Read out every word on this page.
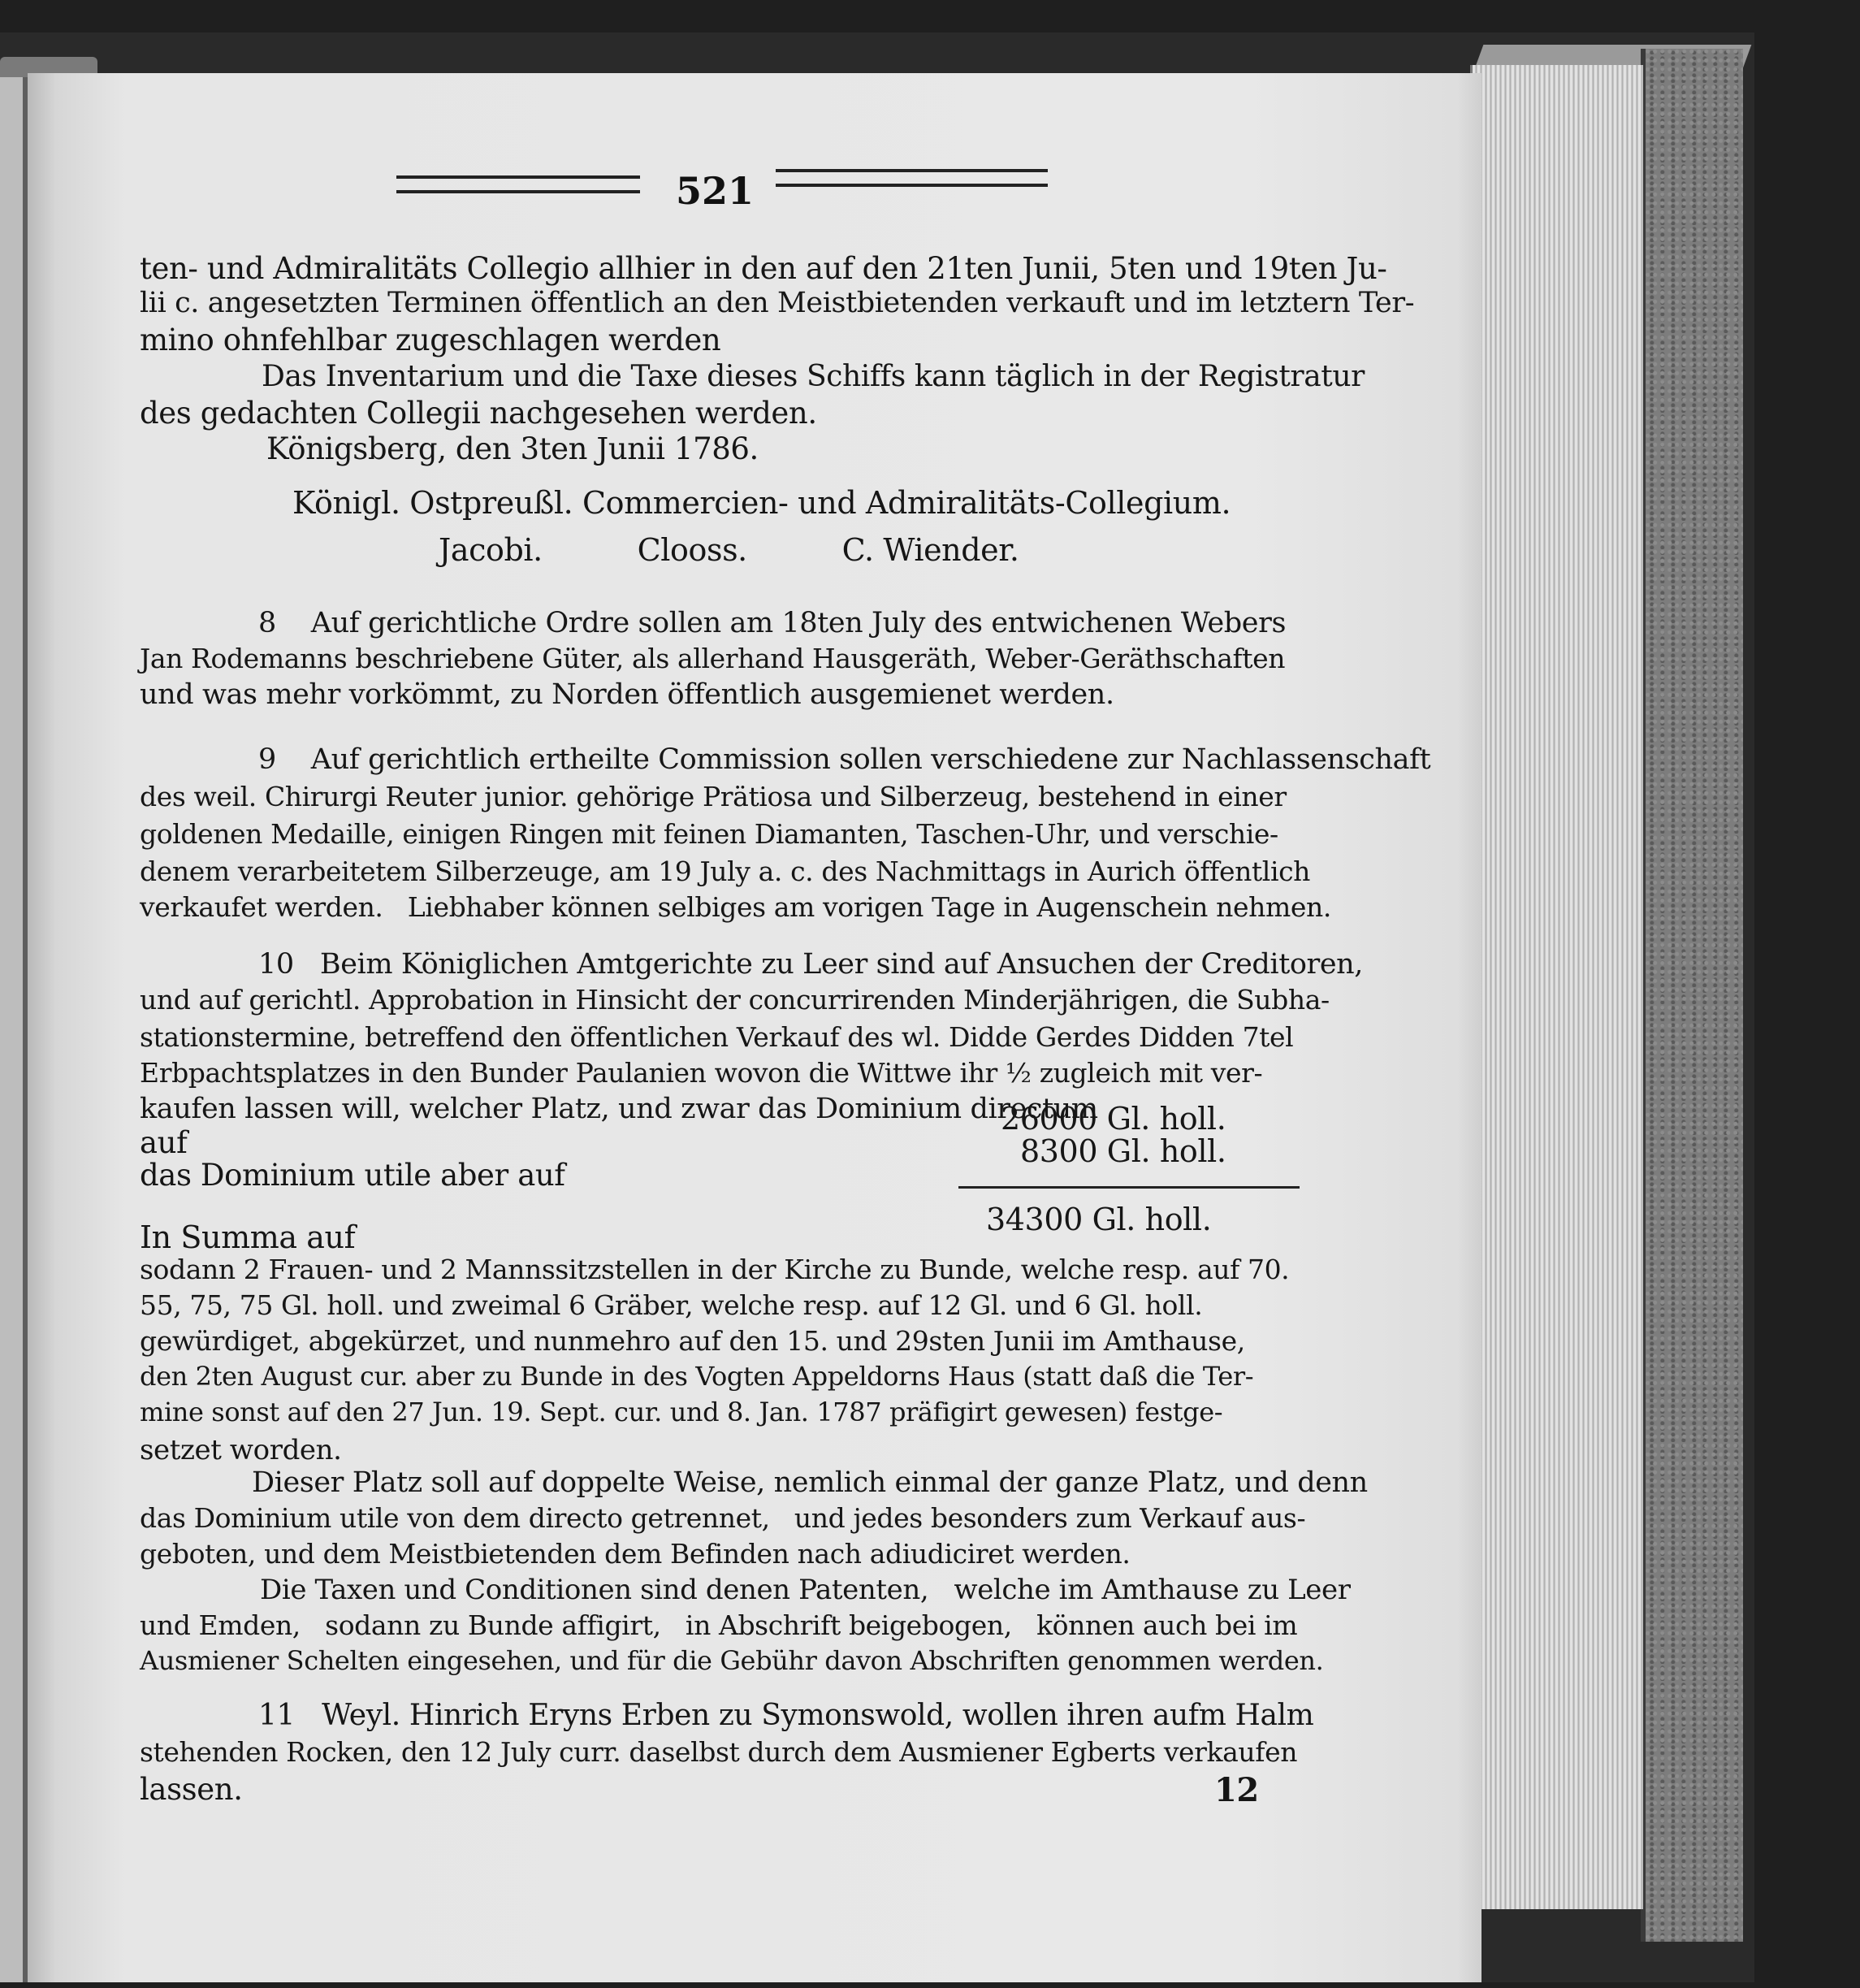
521
ten- und Admiralitäts Collegio allhier in den auf den 21ten Junii, 5ten und 19ten Ju-
lii c. angesetzten Terminen öffentlich an den Meistbietenden verkauft und im letztern Ter-
mino ohnfehlbar zugeschlagen werden
Das Inventarium und die Taxe dieses Schiffs kann täglich in der Registratur
des gedachten Collegii nachgesehen werden.
Königsberg, den 3ten Junii 1786.
Königl. Ostpreußl. Commercien- und Admiralitäts-Collegium.
Jacobi.          Clooss.          C. Wiender.
8    Auf gerichtliche Ordre sollen am 18ten July des entwichenen Webers
Jan Rodemanns beschriebene Güter, als allerhand Hausgeräth, Weber-Geräthschaften
und was mehr vorkömmt, zu Norden öffentlich ausgemienet werden.
9    Auf gerichtlich ertheilte Commission sollen verschiedene zur Nachlassenschaft
des weil. Chirurgi Reuter junior. gehörige Prätiosa und Silberzeug, bestehend in einer
goldenen Medaille, einigen Ringen mit feinen Diamanten, Taschen-Uhr, und verschie-
denem verarbeitetem Silberzeuge, am 19 July a. c. des Nachmittags in Aurich öffentlich
verkaufet werden.   Liebhaber können selbiges am vorigen Tage in Augenschein nehmen.
10   Beim Königlichen Amtgerichte zu Leer sind auf Ansuchen der Creditoren,
und auf gerichtl. Approbation in Hinsicht der concurrirenden Minderjährigen, die Subha-
stationstermine, betreffend den öffentlichen Verkauf des wl. Didde Gerdes Didden 7tel
Erbpachtsplatzes in den Bunder Paulanien wovon die Wittwe ihr ½ zugleich mit ver-
kaufen lassen will, welcher Platz, und zwar das Dominium directum
auf
26000 Gl. holl.
das Dominium utile aber auf
8300 Gl. holl.
In Summa auf	34300 Gl. holl.
sodann 2 Frauen- und 2 Mannssitzstellen in der Kirche zu Bunde, welche resp. auf 70.
55, 75, 75 Gl. holl. und zweimal 6 Gräber, welche resp. auf 12 Gl. und 6 Gl. holl.
gewürdiget, abgekürzet, und nunmehro auf den 15. und 29sten Junii im Amthause,
den 2ten August cur. aber zu Bunde in des Vogten Appeldorns Haus (statt daß die Ter-
mine sonst auf den 27 Jun. 19. Sept. cur. und 8. Jan. 1787 präfigirt gewesen) festge-
setzet worden.
Dieser Platz soll auf doppelte Weise, nemlich einmal der ganze Platz, und denn
das Dominium utile von dem directo getrennet,   und jedes besonders zum Verkauf aus-
geboten, und dem Meistbietenden dem Befinden nach adiudiciret werden.
Die Taxen und Conditionen sind denen Patenten,   welche im Amthause zu Leer
und Emden,   sodann zu Bunde affigirt,   in Abschrift beigebogen,   können auch bei im
Ausmiener Schelten eingesehen, und für die Gebühr davon Abschriften genommen werden.
11   Weyl. Hinrich Eryns Erben zu Symonswold, wollen ihren aufm Halm
stehenden Rocken, den 12 July curr. daselbst durch dem Ausmiener Egberts verkaufen
lassen.	12
